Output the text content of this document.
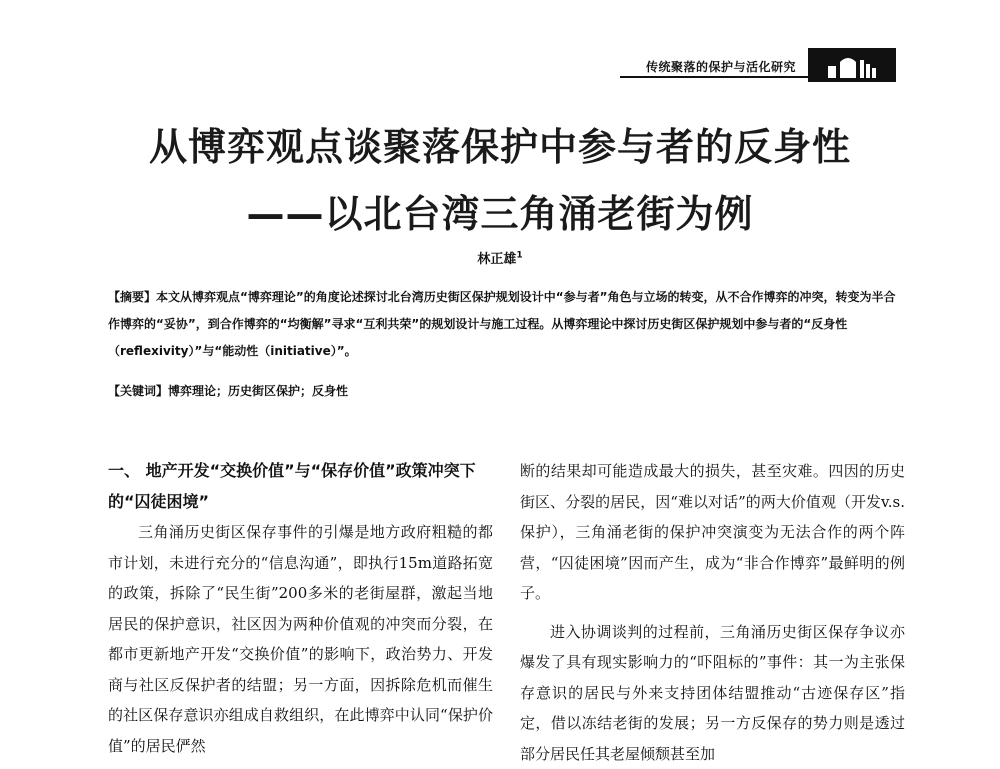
传统聚落的保护与活化研究
从博弈观点谈聚落保护中参与者的反身性
——以北台湾三角涌老街为例
林正雄$^1$
【摘要】本文从博弈观点“博弈理论”的角度论述探讨北台湾历史街区保护规划设计中“参与者”角色与立场的转变，从不合作博弈的冲突，转变为半合作博弈的“妥协”，到合作博弈的“均衡解”寻求“互利共荣”的规划设计与施工过程。从博弈理论中探讨历史街区保护规划中参与者的“反身性（reflexivity）”与“能动性（initiative）”。
【关键词】博弈理论；历史街区保护；反身性
一、 地产开发“交换价值”与“保存价值”政策冲突下的“囚徒困境”

三角涌历史街区保存事件的引爆是地方政府粗糙的都市计划，未进行充分的“信息沟通”，即执行15m道路拓宽的政策，拆除了“民生街”200多米的老街屋群，激起当地居民的保护意识，社区因为两种价值观的冲突而分裂，在都市更新地产开发“交换价值”的影响下，政治势力、开发商与社区反保护者的结盟；另一方面，因拆除危机而催生的社区保存意识亦组成自救组织，在此博弈中认同“保护价值”的居民俨然

断的结果却可能造成最大的损失，甚至灾难。四因的历史街区、分裂的居民，因“难以对话”的两大价值观（开发v.s.保护），三角涌老街的保护冲突演变为无法合作的两个阵营，“囚徒困境”因而产生，成为“非合作博弈”最鲜明的例子。

进入协调谈判的过程前，三角涌历史街区保存争议亦爆发了具有现实影响力的“吓阻标的”事件：其一为主张保存意识的居民与外来支持团体结盟推动“古迹保存区”指定，借以冻结老街的发展；另一方反保存的势力则是透过部分居民任其老屋倾颓甚至加
